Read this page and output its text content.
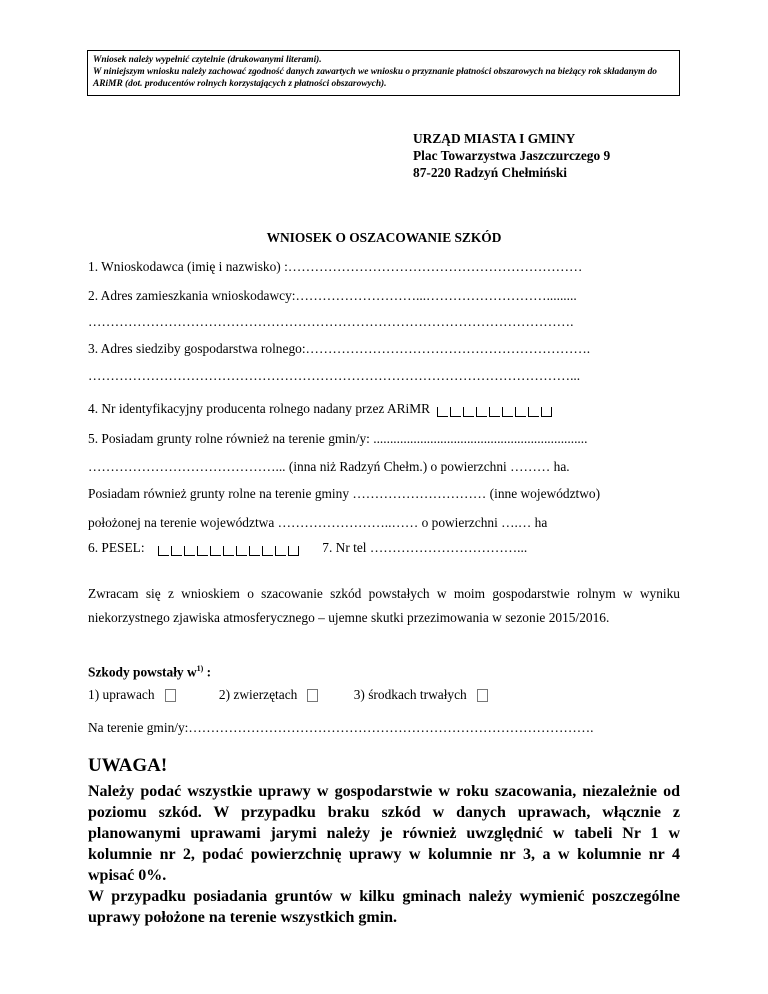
Wniosek należy wypełnić czytelnie (drukowanymi literami).
W niniejszym wniosku należy zachować zgodność danych zawartych we wniosku o przyznanie płatności obszarowych na bieżący rok składanym do ARiMR (dot. producentów rolnych korzystających z płatności obszarowych).
URZĄD MIASTA I GMINY
Plac Towarzystwa Jaszczurczego 9
87-220 Radzyń Chełmiński
WNIOSEK O OSZACOWANIE SZKÓD
1. Wnioskodawca (imię i nazwisko) :…………………………………………………………
2. Adres zamieszkania wnioskodawcy:………………………...……………………….........
……………………………………………………………………………………………….
3. Adres siedziby gospodarstwa rolnego:……………………………………………………….
………………………………………………………………………………………………...
4. Nr identyfikacyjny producenta rolnego nadany przez ARiMR
5. Posiadam grunty rolne również na terenie gmin/y: ................................................................
……………………………………... (inna niż Radzyń Chełm.) o powierzchni ……… ha.
Posiadam również grunty rolne na terenie gminy ………………………… (inne województwo)
położonej na terenie województwa ……………………..…… o powierzchni ….… ha
6. PESEL:	7. Nr tel ……………………………...
Zwracam się z wnioskiem o szacowanie szkód powstałych w moim gospodarstwie rolnym w wyniku niekorzystnego zjawiska atmosferycznego – ujemne skutki przezimowania w sezonie 2015/2016.
Szkody powstały $w^{1)}$ :
1) uprawach	2) zwierzętach	3) środkach trwałych
Na terenie gmin/y:……………………………………………………………………………….
UWAGA!
Należy podać wszystkie uprawy w gospodarstwie w roku szacowania, niezależnie od poziomu szkód. W przypadku braku szkód w danych uprawach, włącznie z planowanymi uprawami jarymi należy je również uwzględnić w tabeli Nr 1 w kolumnie nr 2, podać powierzchnię uprawy w kolumnie nr 3, a w kolumnie nr 4 wpisać 0%.
W przypadku posiadania gruntów w kilku gminach należy wymienić poszczególne uprawy położone na terenie wszystkich gmin.
